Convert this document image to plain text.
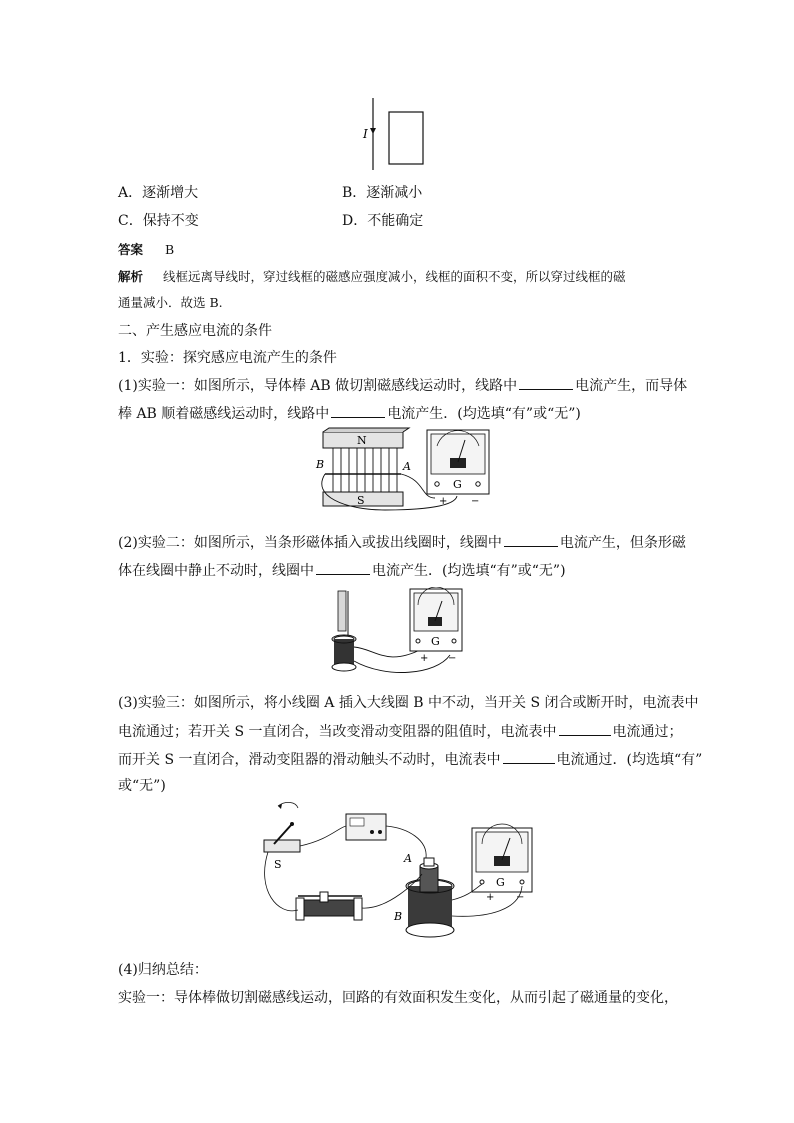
I
A．逐渐增大	B．逐渐减小
C．保持不变	D．不能确定
答案 B
解析 线框远离导线时，穿过线框的磁感应强度减小，线框的面积不变，所以穿过线框的磁
通量减小．故选 B.
二、产生感应电流的条件
1．实验：探究感应电流产生的条件
(1)实验一：如图所示，导体棒 AB 做切割磁感线运动时，线路中	电流产生，而导体
棒 AB 顺着磁感线运动时，线路中	电流产生．(均选填“有”或“无”)
G
+ −
N
S
B	A
(2)实验二：如图所示，当条形磁体插入或拔出线圈时，线圈中	电流产生，但条形磁
体在线圈中静止不动时，线圈中	电流产生．(均选填“有”或“无”)
G
+ −
(3)实验三：如图所示，将小线圈 A 插入大线圈 B 中不动，当开关 S 闭合或断开时，电流表中
电流通过；若开关 S 一直闭合，当改变滑动变阻器的阻值时，电流表中	电流通过；
而开关 S 一直闭合，滑动变阻器的滑动触头不动时，电流表中	电流通过．(均选填“有”
或“无”)
S	A
B
G
+ −
(4)归纳总结：
实验一：导体棒做切割磁感线运动，回路的有效面积发生变化，从而引起了磁通量的变化，
